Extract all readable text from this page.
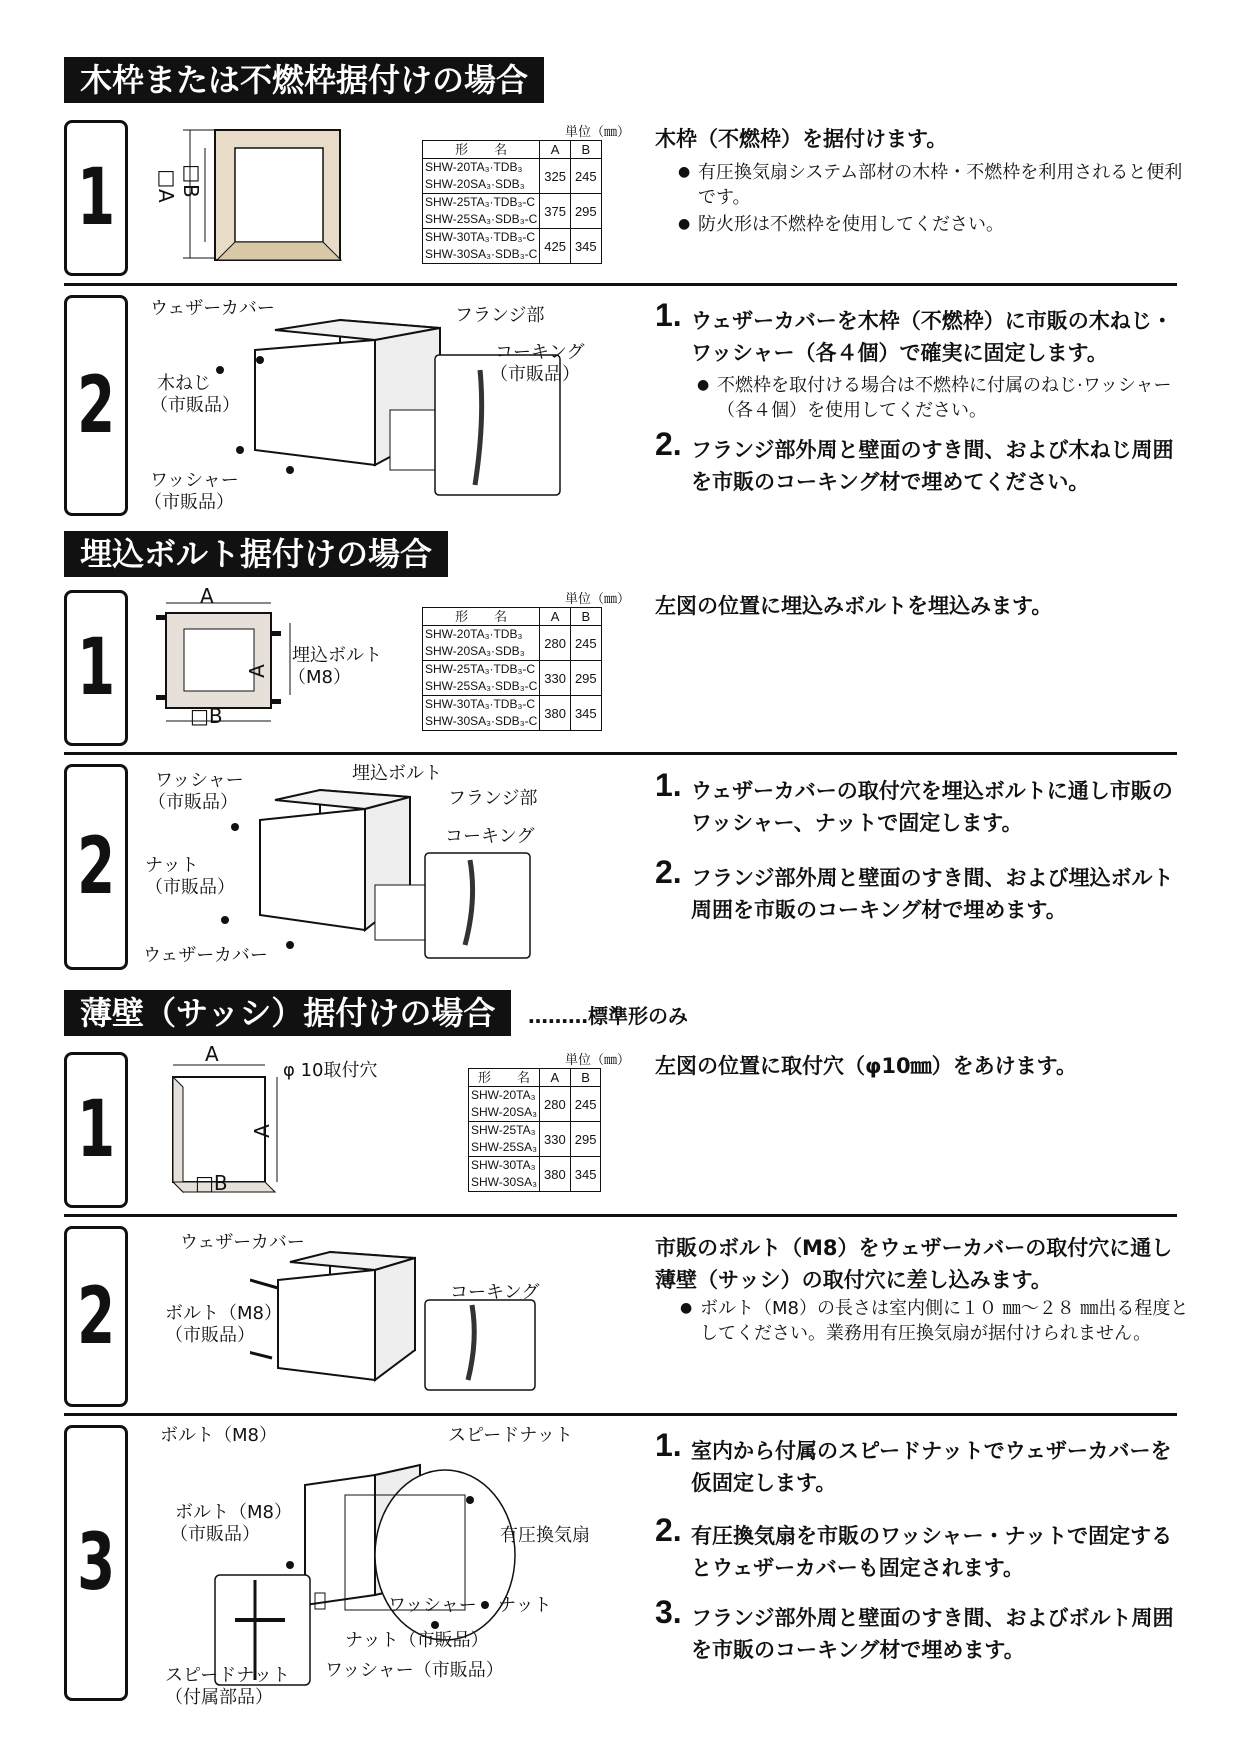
木枠または不燃枠据付けの場合
1 □A □B
単位（㎜）
形　　名	A	B
SHW-20TA₃·TDB₃
SHW-20SA₃·SDB₃	325	245
SHW-25TA₃·TDB₃-C
SHW-25SA₃·SDB₃-C	375	295
SHW-30TA₃·TDB₃-C
SHW-30SA₃·SDB₃-C	425	345
木枠（不燃枠）を据付けます。
● 有圧換気扇システム部材の木枠・不燃枠を利用されると便利です。
● 防火形は不燃枠を使用してください。
2
ウェザーカバー	フランジ部
コーキング
（市販品）
木ねじ
（市販品）
ワッシャー
（市販品）
1. ウェザーカバーを木枠（不燃枠）に市販の木ねじ・ワッシャー（各４個）で確実に固定します。
● 不燃枠を取付ける場合は不燃枠に付属のねじ·ワッシャー（各４個）を使用してください。
2. フランジ部外周と壁面のすき間、および木ねじ周囲を市販のコーキング材で埋めてください。
埋込ボルト据付けの場合
1
A
A
□B
埋込ボルト
（M8）
単位（㎜）
形　　名	A	B
SHW-20TA₃·TDB₃
SHW-20SA₃·SDB₃	280	245
SHW-25TA₃·TDB₃-C
SHW-25SA₃·SDB₃-C	330	295
SHW-30TA₃·TDB₃-C
SHW-30SA₃·SDB₃-C	380	345
左図の位置に埋込みボルトを埋込みます。
2
ワッシャー
（市販品）
埋込ボルト
フランジ部
コーキング
ナット
（市販品）
ウェザーカバー
1. ウェザーカバーの取付穴を埋込ボルトに通し市販のワッシャー、ナットで固定します。
2. フランジ部外周と壁面のすき間、および埋込ボルト周囲を市販のコーキング材で埋めます。
薄壁（サッシ）据付けの場合	………標準形のみ
1
A
A
□B
φ 10取付穴	単位（㎜）
形　　名	A	B
SHW-20TA₃
SHW-20SA₃	280	245
SHW-25TA₃
SHW-25SA₃	330	295
SHW-30TA₃
SHW-30SA₃	380	345
左図の位置に取付穴（φ10㎜）をあけます。
2
ウェザーカバー
ボルト（M8）
（市販品）
コーキング
市販のボルト（M8）をウェザーカバーの取付穴に通し薄壁（サッシ）の取付穴に差し込みます。
● ボルト（M8）の長さは室内側に１０ ㎜～２８ ㎜出る程度としてください。業務用有圧換気扇が据付けられません。
3
ボルト（M8）	スピードナット
ボルト（M8）
（市販品）	有圧換気扇
ワッシャー ナット
ナット（市販品）
ワッシャー（市販品）
スピードナット
（付属部品）
1. 室内から付属のスピードナットでウェザーカバーを仮固定します。
2. 有圧換気扇を市販のワッシャー・ナットで固定するとウェザーカバーも固定されます。
3. フランジ部外周と壁面のすき間、およびボルト周囲を市販のコーキング材で埋めます。
